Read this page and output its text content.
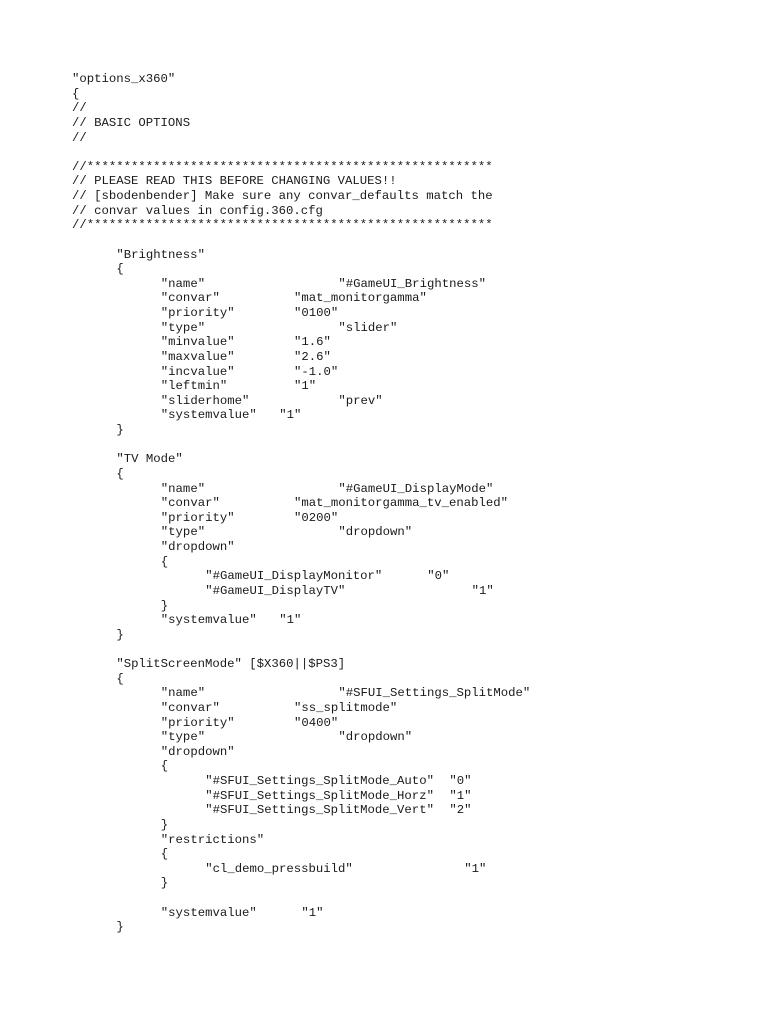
"options_x360"
{
//
// BASIC OPTIONS
//
//*******************************************************
// PLEASE READ THIS BEFORE CHANGING VALUES!!
// [sbodenbender] Make sure any convar_defaults match the
// convar values in config.360.cfg
//*******************************************************
"Brightness"
{
"name"	"#GameUI_Brightness"
"convar"	"mat_monitorgamma"
"priority"	"0100"
"type"	"slider"
"minvalue"	"1.6"
"maxvalue"	"2.6"
"incvalue"	"-1.0"
"leftmin"	"1"
"sliderhome"	"prev"
"systemvalue" "1"
}
"TV Mode"
{
"name"	"#GameUI_DisplayMode"
"convar"	"mat_monitorgamma_tv_enabled"
"priority"	"0200"
"type"	"dropdown"
"dropdown"
{
"#GameUI_DisplayMonitor"	"0"
"#GameUI_DisplayTV"	"1"
}
"systemvalue" "1"
}
"SplitScreenMode" [$X360||$PS3]
{
"name"	"#SFUI_Settings_SplitMode"
"convar"	"ss_splitmode"
"priority"	"0400"
"type"	"dropdown"
"dropdown"
{
"#SFUI_Settings_SplitMode_Auto" "0"
"#SFUI_Settings_SplitMode_Horz" "1"
"#SFUI_Settings_SplitMode_Vert" "2"
}
"restrictions"
{
"cl_demo_pressbuild"	"1"
}
"systemvalue"	"1"
}
